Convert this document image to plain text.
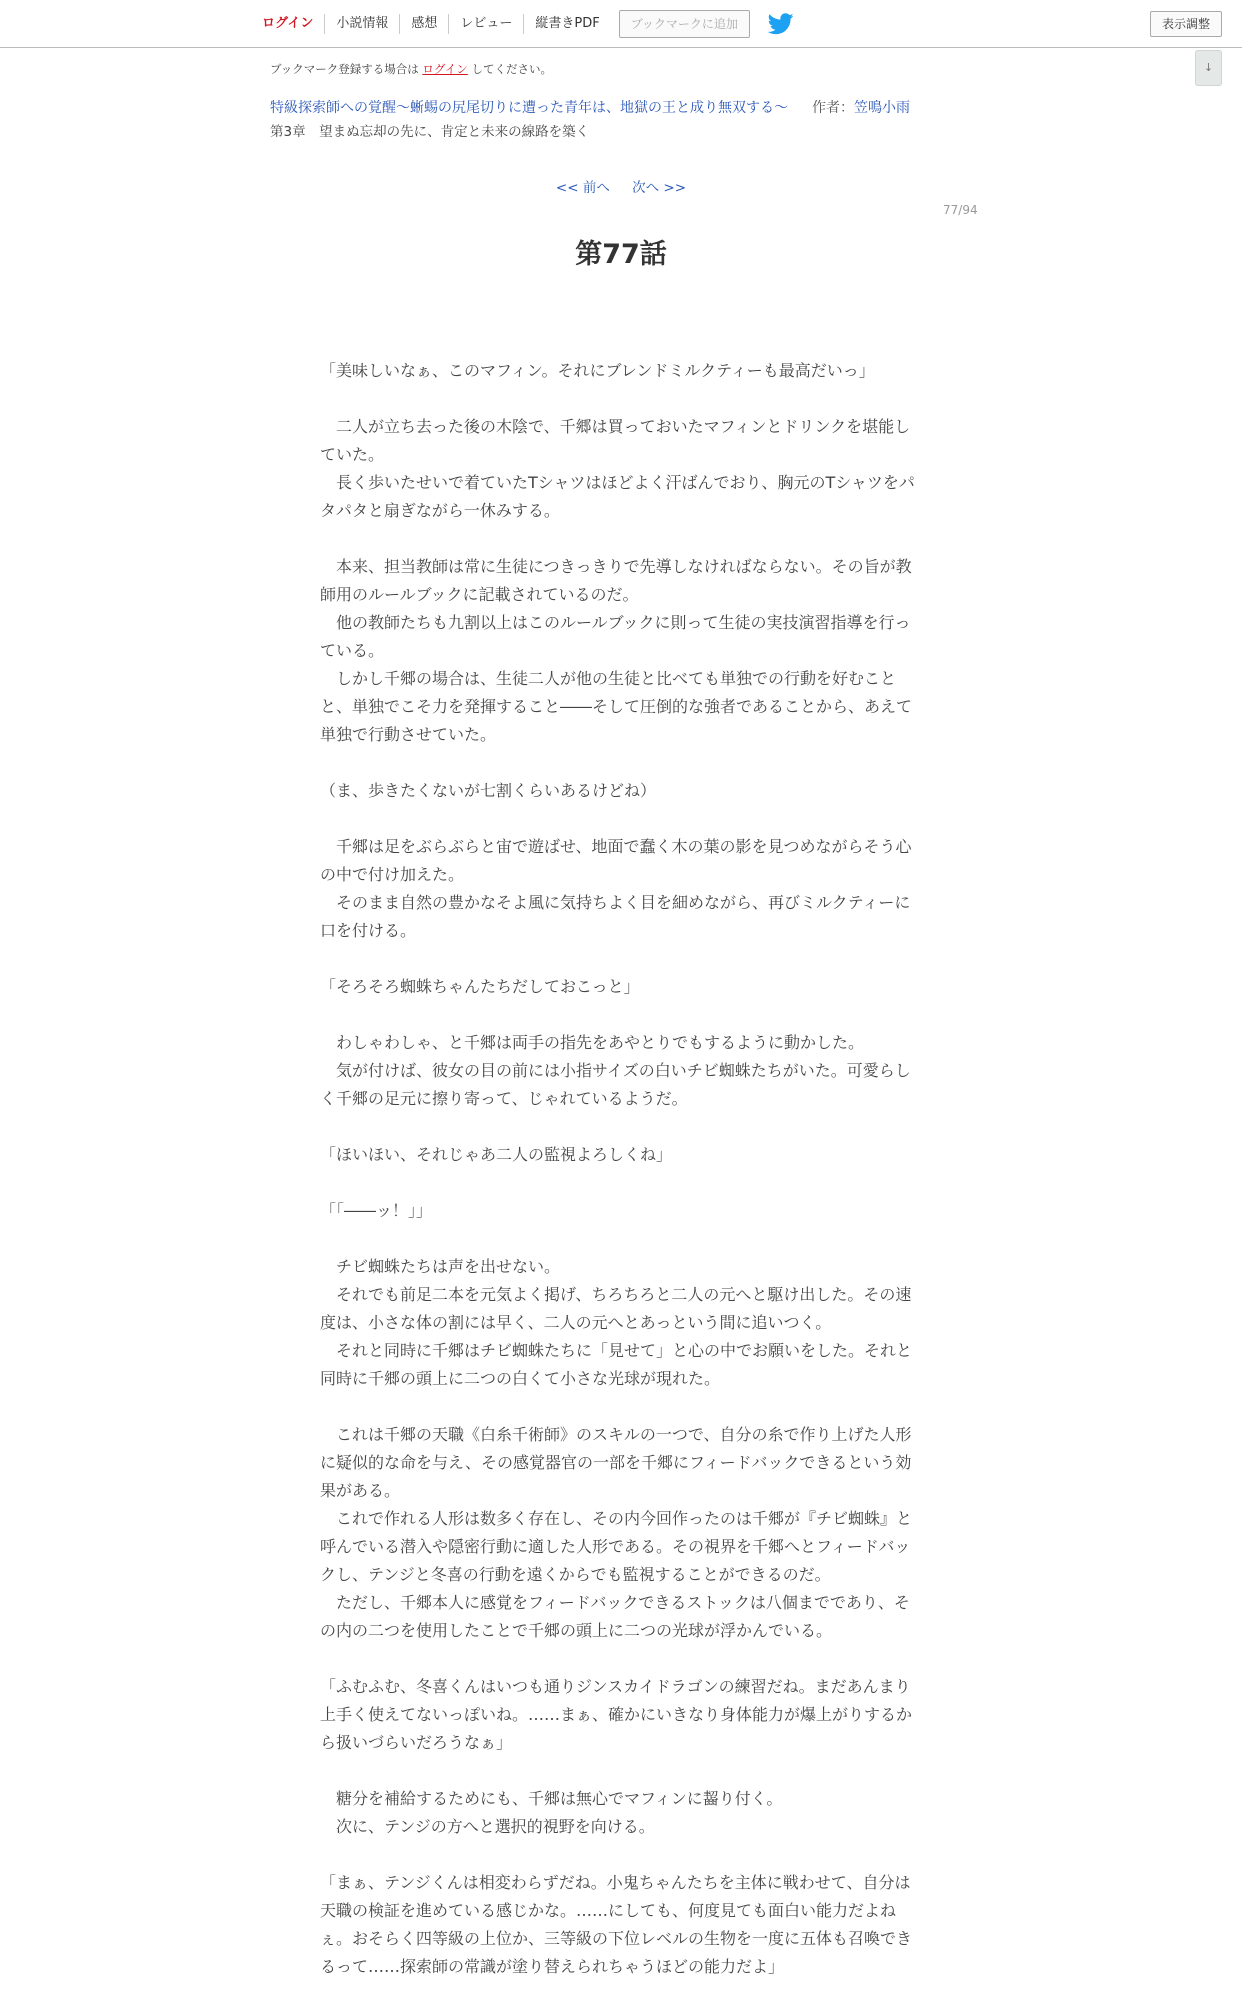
ログイン	小説情報	感想	レビュー	縦書きPDF	ブックマークに追加	表示調整
↓
ブックマーク登録する場合は ログイン してください。
特級探索師への覚醒～蜥蜴の尻尾切りに遭った青年は、地獄の王と成り無双する～ 作者：笠鳴小雨
第3章　望まぬ忘却の先に、肯定と未来の線路を築く
<< 前へ 次へ >>
77/94
第77話
「美味しいなぁ、このマフィン。それにブレンドミルクティーも最高だいっ」

　二人が立ち去った後の木陰で、千郷は買っておいたマフィンとドリンクを堪能していた。
　長く歩いたせいで着ていたTシャツはほどよく汗ばんでおり、胸元のTシャツをパタパタと扇ぎながら一休みする。

　本来、担当教師は常に生徒につきっきりで先導しなければならない。その旨が教師用のルールブックに記載されているのだ。
　他の教師たちも九割以上はこのルールブックに則って生徒の実技演習指導を行っている。
　しかし千郷の場合は、生徒二人が他の生徒と比べても単独での行動を好むことと、単独でこそ力を発揮すること――そして圧倒的な強者であることから、あえて単独で行動させていた。

（ま、歩きたくないが七割くらいあるけどね）

　千郷は足をぶらぶらと宙で遊ばせ、地面で蠢く木の葉の影を見つめながらそう心の中で付け加えた。
　そのまま自然の豊かなそよ風に気持ちよく目を細めながら、再びミルクティーに口を付ける。

「そろそろ蜘蛛ちゃんたちだしておこっと」

　わしゃわしゃ、と千郷は両手の指先をあやとりでもするように動かした。
　気が付けば、彼女の目の前には小指サイズの白いチビ蜘蛛たちがいた。可愛らしく千郷の足元に擦り寄って、じゃれているようだ。

「ほいほい、それじゃあ二人の監視よろしくね」

「「――ッ！」」

　チビ蜘蛛たちは声を出せない。
　それでも前足二本を元気よく掲げ、ちろちろと二人の元へと駆け出した。その速度は、小さな体の割には早く、二人の元へとあっという間に追いつく。
　それと同時に千郷はチビ蜘蛛たちに「見せて」と心の中でお願いをした。それと同時に千郷の頭上に二つの白くて小さな光球が現れた。

　これは千郷の天職《白糸千術師》のスキルの一つで、自分の糸で作り上げた人形に疑似的な命を与え、その感覚器官の一部を千郷にフィードバックできるという効果がある。
　これで作れる人形は数多く存在し、その内今回作ったのは千郷が『チビ蜘蛛』と呼んでいる潜入や隠密行動に適した人形である。その視界を千郷へとフィードバックし、テンジと冬喜の行動を遠くからでも監視することができるのだ。
　ただし、千郷本人に感覚をフィードバックできるストックは八個までであり、その内の二つを使用したことで千郷の頭上に二つの光球が浮かんでいる。

「ふむふむ、冬喜くんはいつも通りジンスカイドラゴンの練習だね。まだあんまり上手く使えてないっぽいね。……まぁ、確かにいきなり身体能力が爆上がりするから扱いづらいだろうなぁ」

　糖分を補給するためにも、千郷は無心でマフィンに齧り付く。
　次に、テンジの方へと選択的視野を向ける。

「まぁ、テンジくんは相変わらずだね。小鬼ちゃんたちを主体に戦わせて、自分は天職の検証を進めている感じかな。……にしても、何度見ても面白い能力だよねぇ。おそらく四等級の上位か、三等級の下位レベルの生物を一度に五体も召喚できるって……探索師の常識が塗り替えられちゃうほどの能力だよ」
